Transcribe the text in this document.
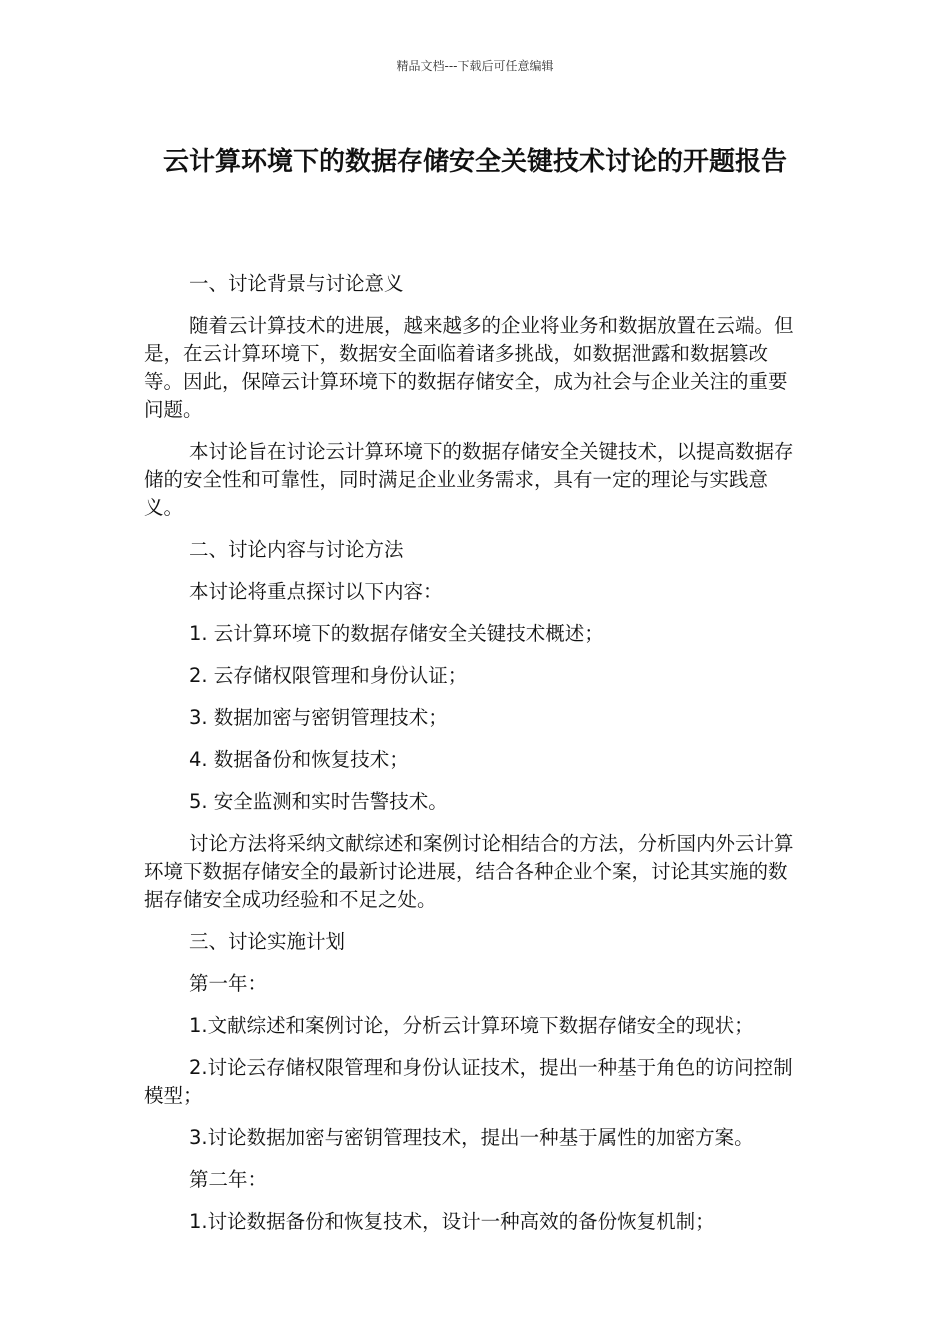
精品文档---下载后可任意编辑
云计算环境下的数据存储安全关键技术讨论的开题报告

一、讨论背景与讨论意义

随着云计算技术的进展，越来越多的企业将业务和数据放置在云端。但是，在云计算环境下，数据安全面临着诸多挑战，如数据泄露和数据篡改等。因此，保障云计算环境下的数据存储安全，成为社会与企业关注的重要问题。

本讨论旨在讨论云计算环境下的数据存储安全关键技术，以提高数据存储的安全性和可靠性，同时满足企业业务需求，具有一定的理论与实践意义。

二、讨论内容与讨论方法

本讨论将重点探讨以下内容：

1. 云计算环境下的数据存储安全关键技术概述；

2. 云存储权限管理和身份认证；

3. 数据加密与密钥管理技术；

4. 数据备份和恢复技术；

5. 安全监测和实时告警技术。

讨论方法将采纳文献综述和案例讨论相结合的方法，分析国内外云计算环境下数据存储安全的最新讨论进展，结合各种企业个案，讨论其实施的数据存储安全成功经验和不足之处。

三、讨论实施计划

第一年：

1.文献综述和案例讨论，分析云计算环境下数据存储安全的现状；

2.讨论云存储权限管理和身份认证技术，提出一种基于角色的访问控制模型；

3.讨论数据加密与密钥管理技术，提出一种基于属性的加密方案。

第二年：

1.讨论数据备份和恢复技术，设计一种高效的备份恢复机制；
